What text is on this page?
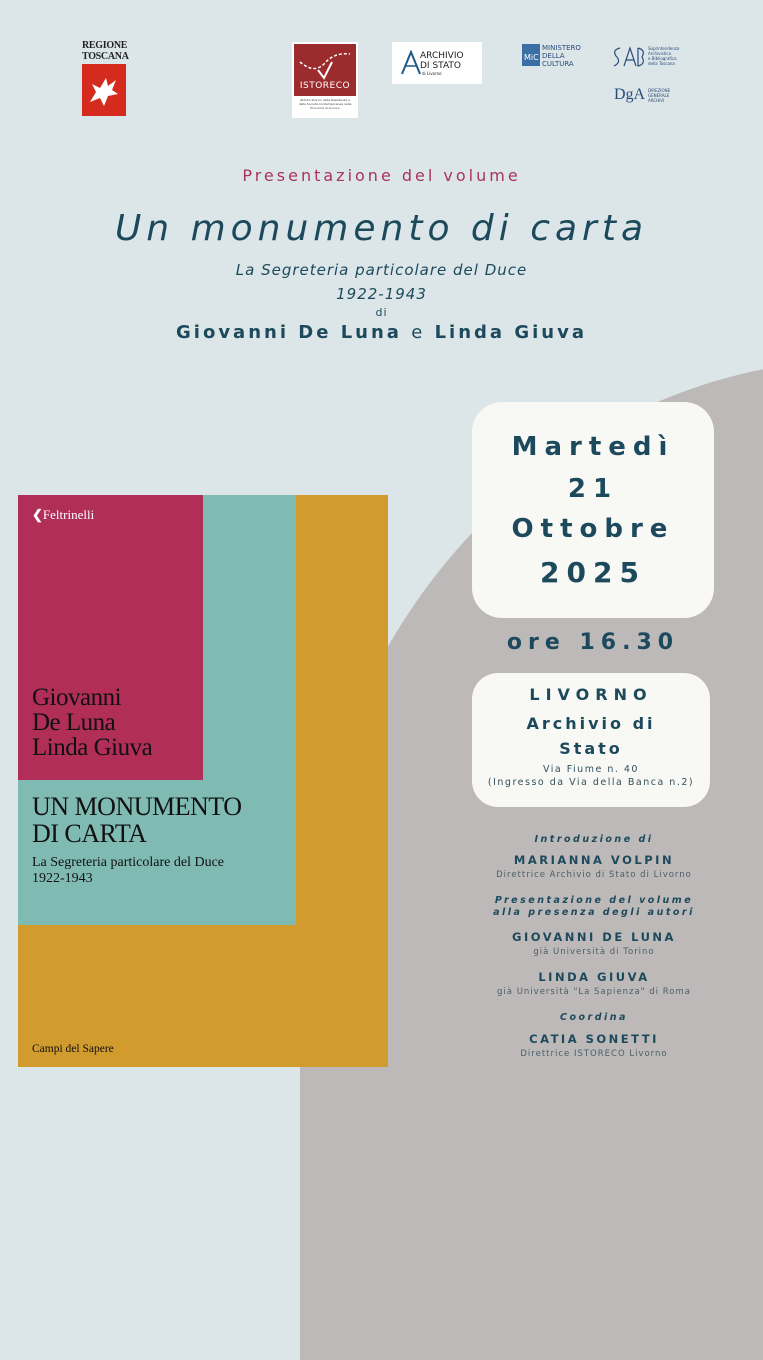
REGIONE
TOSCANA
ISTORECO
Istituto Storico della Resistenza e della Società Contemporanea nella Provincia di Livorno
ARCHIVIO
DI STATO
di Livorno
MiC
MINISTERO
DELLA
CULTURA
Soprintendenza
Archivistica
e Bibliografica
della Toscana
DgA DIREZIONE
GENERALE
ARCHIVI
Presentazione del volume
Un monumento di carta
La Segreteria particolare del Duce
1922-1943
di
Giovanni De Luna e Linda Giuva
Martedì
21
Ottobre
2025
ore 16.30
LIVORNO
Archivio di
Stato
Via Fiume n. 40
(Ingresso da Via della Banca n.2)
Introduzione di
MARIANNA VOLPIN
Direttrice Archivio di Stato di Livorno
Presentazione del volume
alla presenza degli autori
GIOVANNI DE LUNA
già Università di Torino
LINDA GIUVA
già Università "La Sapienza" di Roma
Coordina
CATIA SONETTI
Direttrice ISTORECO Livorno
❮Feltrinelli
Giovanni
De Luna
Linda Giuva
UN MONUMENTO
DI CARTA
La Segreteria particolare del Duce
1922-1943
Campi del Sapere
